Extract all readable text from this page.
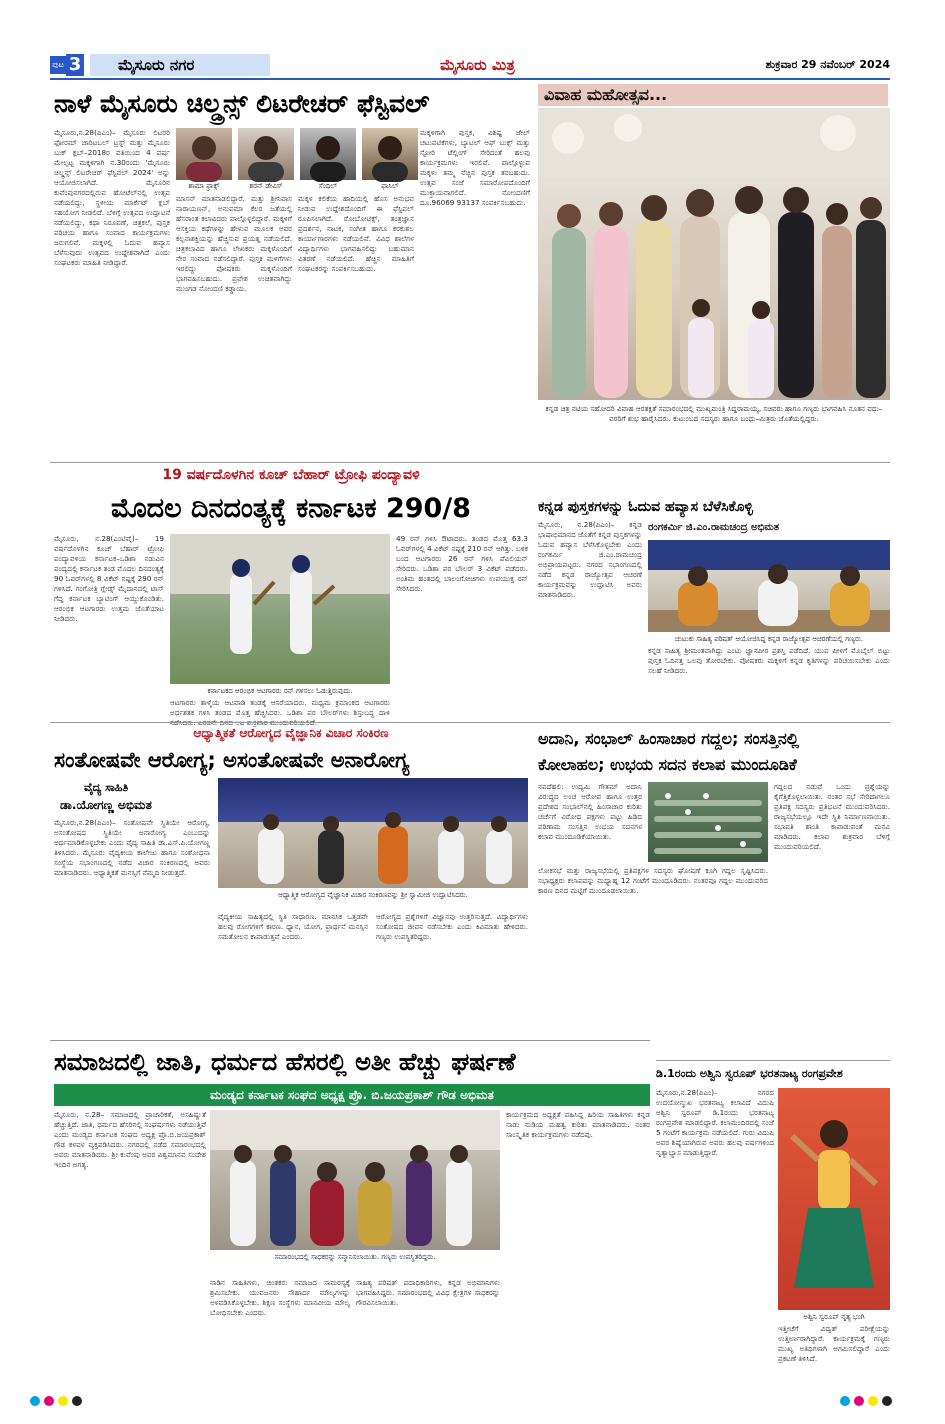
ಪುಟ 3	ಮೈಸೂರು ನಗರ	ಮೈಸೂರು ಮಿತ್ರ	ಶುಕ್ರವಾರ 29 ನವೆಂಬರ್ 2024
ನಾಳೆ ಮೈಸೂರು ಚಿಲ್ಡ್ರನ್ಸ್ ಲಿಟರೇಚರ್ ಫೆಸ್ಟಿವಲ್
ಮೈಸೂರು,ನ.28(ಪಿಎಂ)– ಮೈಸೂರು ಲಿಟರರಿ ಫೋರಮ್ ಚಾರಿಟಬಲ್ ಟ್ರಸ್ಟ್ ಮತ್ತು ಮೈಸೂರು ಬುಕ್ ಕ್ಲಬ್–2018ರ ವತಿಯಿಂದ 4 ವರ್ಷ ಮೇಲ್ಪಟ್ಟ ಮಕ್ಕಳಿಗಾಗಿ ನ.30ರಂದು 'ಮೈಸೂರು ಚಿಲ್ಡ್ರನ್ಸ್ ಲಿಟರೇಚರ್ ಫೆಸ್ಟಿವಲ್ 2024' ಅನ್ನು ಆಯೋಜಿಸಲಾಗಿದೆ. ಮೈಸೂರಿನ ಕುವೆಂಪುನಗರದಲ್ಲಿರುವ ಹೋಟೆಲ್‌ನಲ್ಲಿ ಉತ್ಸವ ನಡೆಯಲಿದ್ದು, ಸ್ಥಳೀಯ ಮಾರ್ಕೆಟ್ ಕ್ಲಬ್ ಸಹಯೋಗ ನೀಡಲಿದೆ. ಬೆಳಿಗ್ಗೆ ಉತ್ಸವದ ಉದ್ಘಾಟನೆ ನಡೆಯಲಿದ್ದು, ಕಥಾ ನಿರೂಪಣೆ, ಚಿತ್ರಕಲೆ, ಪುಸ್ತಕ ಪರಿಚಯ ಹಾಗೂ ಸಂವಾದ ಕಾರ್ಯಕ್ರಮಗಳು ಜರುಗಲಿವೆ. ಮಕ್ಕಳಲ್ಲಿ ಓದುವ ಹವ್ಯಾಸ ಬೆಳೆಸುವುದು ಉತ್ಸವದ ಉದ್ದೇಶವಾಗಿದೆ ಎಂದು ಸಂಘಟಕರು ಮಾಹಿತಿ ನೀಡಿದ್ದಾರೆ.
ಶಾಮಾ ಫ್ರಾಕ್ಸ್	ಶರನ್ ಡೇವಿಸ್	ಸೆಂಥಿಲ್	ಫಾಸಿಲ್
ಮಾಸನ್ ಮಾತನಾಡಲಿದ್ದಾರೆ. ಮತ್ತು ಶ್ರೀನಿವಾಸ ನಾರಾಯಣನ್, ಅನುಪಮಾ ಕೆಲರ ಜತೆಯಲ್ಲಿ ಹೆಸರಾಂತ ಕಲಾವಿದರು ಪಾಲ್ಗೊಳ್ಳಲಿದ್ದಾರೆ. ಮಕ್ಕಳಿಗೆ ಆಸಕ್ತಿಯ ಕಥೆಗಳನ್ನು ಹೇಳುವ ಮೂಲಕ ಅವರ ಕಲ್ಪನಾಶಕ್ತಿಯನ್ನು ಹೆಚ್ಚಿಸುವ ಪ್ರಯತ್ನ ನಡೆಯಲಿದೆ. ಚಿತ್ರಕಲಾವಿದ ಹಾಗೂ ಲೇಖಕರು ಮಕ್ಕಳೊಂದಿಗೆ ನೇರ ಸಂವಾದ ನಡೆಸಲಿದ್ದಾರೆ. ಪುಸ್ತಕ ಮಳಿಗೆಗಳು ಇರಲಿದ್ದು ಪೋಷಕರು ಮಕ್ಕಳೊಂದಿಗೆ ಭಾಗವಹಿಸಬಹುದು. ಪ್ರವೇಶ ಉಚಿತವಾಗಿದ್ದು ಮುಂಗಡ ನೋಂದಣಿ ಕಡ್ಡಾಯ.
ಮಕ್ಕಳ ಕಲಿಕೆಯ ಹಾದಿಯಲ್ಲಿ ಹೊಸ ಅನುಭವ ನೀಡುವ ಉದ್ದೇಶದೊಂದಿಗೆ ಈ ಫೆಸ್ಟಿವಲ್ ರೂಪಿಸಲಾಗಿದೆ. ರೋಬೋಟಿಕ್ಸ್, ತಂತ್ರಜ್ಞಾನ ಪ್ರದರ್ಶನ, ನಾಟಕ, ಸಂಗೀತ ಹಾಗೂ ಕರಕುಶಲ ಕಾರ್ಯಾಗಾರಗಳು ನಡೆಯಲಿವೆ. ವಿವಿಧ ಶಾಲೆಗಳ ವಿದ್ಯಾರ್ಥಿಗಳು ಭಾಗವಹಿಸಲಿದ್ದು ಬಹುಮಾನ ವಿತರಣೆ ನಡೆಯಲಿದೆ. ಹೆಚ್ಚಿನ ಮಾಹಿತಿಗೆ ಸಂಘಟಕರನ್ನು ಸಂಪರ್ಕಿಸಬಹುದು.
ಮಕ್ಕಳಿಗಾಗಿ ಪುಸ್ತಕ, ವಿಶಿಷ್ಟ ಜೇಲ್ ಚಟುವಟಿಕೆಗಳು, ಬ್ಯಾಟಲ್ ಆಫ್ ಬುಕ್ಸ್ ಮತ್ತು ಸ್ಟೋರಿ ಟೆಲ್ಲಿಂಗ್ ಸೇರಿದಂತೆ ಹಲವು ಕಾರ್ಯಕ್ರಮಗಳು ಇರಲಿವೆ. ಪಾಲ್ಗೊಳ್ಳುವ ಮಕ್ಕಳು ತಮ್ಮ ನೆಚ್ಚಿನ ಪುಸ್ತಕ ತರಬಹುದು. ಉತ್ಸವ ಸಂಜೆ ಸಮಾರೋಪದೊಂದಿಗೆ ಮುಕ್ತಾಯವಾಗಲಿದೆ. ನೋಂದಣಿಗೆ ದೂ.96069 93137 ಸಂಪರ್ಕಿಸಬಹುದು.
ವಿವಾಹ ಮಹೋತ್ಸವ...
ಕನ್ನಡ ಚಿತ್ರ ನಟಿಯ ಸಹೋದರಿ ವಿವಾಹ ಆರತಕ್ಷತೆ ಸಮಾರಂಭದಲ್ಲಿ ಮುಖ್ಯಮಂತ್ರಿ ಸಿದ್ದರಾಮಯ್ಯ, ಸಚಿವರು ಹಾಗೂ ಗಣ್ಯರು ಭಾಗವಹಿಸಿ ನೂತನ ವಧು–ವರರಿಗೆ ಶುಭ ಹಾರೈಸಿದರು. ಕುಟುಂಬದ ಸದಸ್ಯರು ಹಾಗೂ ಬಂಧು–ಮಿತ್ರರು ಜೊತೆಯಲ್ಲಿದ್ದರು.
19 ವರ್ಷದೊಳಗಿನ ಕೂಚ್ ಬೆಹಾರ್ ಟ್ರೋಫಿ ಪಂದ್ಯಾವಳಿ
ಮೊದಲ ದಿನದಂತ್ಯಕ್ಕೆ ಕರ್ನಾಟಕ 290/8
ಮೈಸೂರು, ನ.28(ಎಂಟಿವೈ)– 19 ವರ್ಷದೊಳಗಿನ ಕೂಚ್ ಬೆಹಾರ್ ಟ್ರೋಫಿ ಪಂದ್ಯಾವಳಿಯ ಕರ್ನಾಟಕ–ಒಡಿಶಾ ನಡುವಿನ ಪಂದ್ಯದಲ್ಲಿ ಕರ್ನಾಟಕ ತಂಡ ಮೊದಲ ದಿನದಂತ್ಯಕ್ಕೆ 90 ಓವರ್‌ಗಳಲ್ಲಿ 8 ವಿಕೆಟ್ ನಷ್ಟಕ್ಕೆ 290 ರನ್ ಗಳಿಸಿದೆ. ಗಂಗೋತ್ರಿ ಗ್ಲೇಡ್ಸ್ ಮೈದಾನದಲ್ಲಿ ಟಾಸ್ ಗೆದ್ದ ಕರ್ನಾಟಕ ಬ್ಯಾಟಿಂಗ್ ಆಯ್ದುಕೊಂಡಿತು. ಆರಂಭಿಕ ಆಟಗಾರರು ಉತ್ತಮ ಜೊತೆಯಾಟ ನೀಡಿದರು.
ಕರ್ನಾಟಕದ ಆರಂಭಿಕ ಆಟಗಾರರು ರನ್ ಗಳಿಸಲು ಓಡುತ್ತಿರುವುದು.
ಆಟಗಾರರು ತಾಳ್ಮೆಯ ಆಟವಾಡಿ ತಂಡಕ್ಕೆ ಆಸರೆಯಾದರು. ಮಧ್ಯಮ ಕ್ರಮಾಂಕದ ಆಟಗಾರರು ಅರ್ಧಶತಕ ಗಳಿಸಿ ತಂಡದ ಮೊತ್ತ ಹೆಚ್ಚಿಸಿದರು. ಒಡಿಶಾ ಪರ ಬೌಲರ್‌ಗಳು ಶಿಸ್ತುಬದ್ಧ ದಾಳಿ
49 ರನ್ ಗಳಿಸಿ ಔಟಾದರು. ತಂಡದ ಮೊತ್ತ 63.3 ಓವರ್‌ಗಳಲ್ಲಿ 4 ವಿಕೆಟ್ ನಷ್ಟಕ್ಕೆ 210 ರನ್ ಆಗಿತ್ತು. ಬಳಿಕ ಬಂದ ಆಟಗಾರರು 26 ರನ್ ಗಳಿಸಿ ಪೆವಿಲಿಯನ್ ಸೇರಿದರು. ಒಡಿಶಾ ಪರ ಬೌಲರ್ 3 ವಿಕೆಟ್ ಪಡೆದರು. ಅಂತಿಮ ಹಂತದಲ್ಲಿ ಬಾಲಂಗೋಚಿಗಳು ಉಪಯುಕ್ತ ರನ್ ಸೇರಿಸಿದರು.
ಕನ್ನಡ ಪುಸ್ತಕಗಳನ್ನು ಓದುವ ಹವ್ಯಾಸ ಬೆಳೆಸಿಕೊಳ್ಳಿ
ರಂಗಕರ್ಮಿ ಜಿ.ಎಂ.ರಾಮಚಂದ್ರ ಅಭಿಮತ
ಮೈಸೂರು, ನ.28(ಪಿಎಂ)– ಕನ್ನಡ ಭಾಷಾಭಿಮಾನದ ಜೊತೆಗೆ ಕನ್ನಡ ಪುಸ್ತಕಗಳನ್ನು ಓದುವ ಹವ್ಯಾಸ ಬೆಳೆಸಿಕೊಳ್ಳಬೇಕು ಎಂದು ರಂಗಕರ್ಮಿ ಜಿ.ಎಂ.ರಾಮಚಂದ್ರ ಅಭಿಪ್ರಾಯಪಟ್ಟರು. ನಗರದ ಸಭಾಂಗಣದಲ್ಲಿ ನಡೆದ ಕನ್ನಡ ರಾಜ್ಯೋತ್ಸವ ಆಚರಣೆ ಕಾರ್ಯಕ್ರಮವನ್ನು ಉದ್ಘಾಟಿಸಿ ಅವರು ಮಾತನಾಡಿದರು.
ಚುಟುಕು ಸಾಹಿತ್ಯ ಪರಿಷತ್ ಆಯೋಜಿಸಿದ್ದ ಕನ್ನಡ ರಾಜ್ಯೋತ್ಸವ ಆಚರಣೆಯಲ್ಲಿ ಗಣ್ಯರು.
ಕನ್ನಡ ಸಾಹಿತ್ಯ ಶ್ರೀಮಂತವಾಗಿದ್ದು ಎಂಟು ಜ್ಞಾನಪೀಠ ಪ್ರಶಸ್ತಿ ಪಡೆದಿದೆ. ಯುವ ಪೀಳಿಗೆ ಮೊಬೈಲ್ ಬಿಟ್ಟು ಪುಸ್ತಕ ಓದಿನತ್ತ ಒಲವು ತೋರಬೇಕು. ಪೋಷಕರು ಮಕ್ಕಳಿಗೆ ಕನ್ನಡ ಕೃತಿಗಳನ್ನು ಪರಿಚಯಿಸಬೇಕು ಎಂದು ಸಲಹೆ ನೀಡಿದರು.
ಆಧ್ಯಾತ್ಮಿಕತೆ ಆರೋಗ್ಯದ ವೈಜ್ಞಾನಿಕ ವಿಚಾರ ಸಂಕಿರಣ
ಸಂತೋಷವೇ ಆರೋಗ್ಯ; ಅಸಂತೋಷವೇ ಅನಾರೋಗ್ಯ
ವೈದ್ಯ ಸಾಹಿತಿ
ಡಾ.ಯೋಗಣ್ಣ ಅಭಿಮತ
ಮೈಸೂರು,ನ.28(ಪಿಎಂ)– ಸಂತೋಷವೇ ಸ್ಥಿತಿಯೇ ಆರೋಗ್ಯ, ಅಸಂತೋಷದ ಸ್ಥಿತಿಯೇ ಅನಾರೋಗ್ಯ ಎಂಬುದನ್ನು ಅರ್ಥಮಾಡಿಕೊಳ್ಳಬೇಕು ಎಂದು ವೈದ್ಯ ಸಾಹಿತಿ ಡಾ.ಎಸ್.ಪಿ.ಯೋಗಣ್ಣ ತಿಳಿಸಿದರು. ಮೈಸೂರು ವೈದ್ಯಕೀಯ ಕಾಲೇಜು ಹಾಗೂ ಸಂಶೋಧನಾ ಸಂಸ್ಥೆಯ ಸಭಾಂಗಣದಲ್ಲಿ ನಡೆದ ವಿಚಾರ ಸಂಕಿರಣದಲ್ಲಿ ಅವರು ಮಾತನಾಡಿದರು. ಆಧ್ಯಾತ್ಮಿಕತೆ ಮನಸ್ಸಿಗೆ ನೆಮ್ಮದಿ ನೀಡುತ್ತದೆ.
ಆಧ್ಯಾತ್ಮಿಕ ಆರೋಗ್ಯದ ವೈಜ್ಞಾನಿಕ ವಿಚಾರ ಸಂಕಿರಣವನ್ನು ಶ್ರೀ ಸ್ವಾಮೀಜಿ ಉದ್ಘಾಟಿಸಿದರು.
ವೈದ್ಯಕೀಯ ಸಾಹಿತ್ಯದಲ್ಲಿ ಸ್ಥಿತಿ ಸಾಧಾರಣ. ಮಾನಸಿಕ ಒತ್ತಡವೇ ಹಲವು ರೋಗಗಳಿಗೆ ಕಾರಣ. ಧ್ಯಾನ, ಯೋಗ, ಪ್ರಾರ್ಥನೆ ಮನಸ್ಸಿನ ಸಮತೋಲನ ಕಾಪಾಡುತ್ತವೆ ಎಂದರು.
ಆರೋಗ್ಯದ ಪ್ರಶ್ನೆಗಳಿಗೆ ವಿಜ್ಞಾನವು ಉತ್ತರಿಸುತ್ತದೆ. ವಿದ್ಯಾರ್ಥಿಗಳು ಸಂತೋಷದ ಜೀವನ ನಡೆಸಬೇಕು ಎಂದು ಕಿವಿಮಾತು ಹೇಳಿದರು. ಗಣ್ಯರು ಉಪಸ್ಥಿತರಿದ್ದರು.
ಅದಾನಿ, ಸಂಭಾಲ್ ಹಿಂಸಾಚಾರ ಗದ್ದಲ; ಸಂಸತ್ತಿನಲ್ಲಿ
ಕೋಲಾಹಲ; ಉಭಯ ಸದನ ಕಲಾಪ ಮುಂದೂಡಿಕೆ
ನವದೆಹಲಿ: ಉದ್ಯಮಿ ಗೌತಮ್ ಅದಾನಿ ವಿರುದ್ಧದ ಲಂಚ ಆರೋಪ ಹಾಗೂ ಉತ್ತರ ಪ್ರದೇಶದ ಸಂಭಾಲ್‌ನಲ್ಲಿ ಹಿಂಸಾಚಾರ ಕುರಿತು ಚರ್ಚೆಗೆ ವಿರೋಧ ಪಕ್ಷಗಳು ಪಟ್ಟು ಹಿಡಿದ ಪರಿಣಾಮ ಸಂಸತ್ತಿನ ಉಭಯ ಸದನಗಳ ಕಲಾಪ ಮುಂದೂಡಿಕೆಯಾಯಿತು.
ಲೋಕಸಭೆ ಮತ್ತು ರಾಜ್ಯಸಭೆಯಲ್ಲಿ ಪ್ರತಿಪಕ್ಷಗಳ ಸದಸ್ಯರು ಘೋಷಣೆ ಕೂಗಿ ಗದ್ದಲ ಸೃಷ್ಟಿಸಿದರು. ಸಭಾಧ್ಯಕ್ಷರು ಕಲಾಪವನ್ನು ಮಧ್ಯಾಹ್ನ 12 ಗಂಟೆಗೆ ಮುಂದೂಡಿದರು. ನಂತರವೂ ಗದ್ದಲ ಮುಂದುವರಿದ ಕಾರಣ ದಿನದ ಮಟ್ಟಿಗೆ ಮುಂದೂಡಲಾಯಿತು.
ಗದ್ದಲದ ನಡುವೆ ಒಂದು ಪ್ರಶ್ನೆಯನ್ನು ಕೈಗೆತ್ತಿಕೊಳ್ಳಲಾಯಿತು. ನಂತರ ಸಭೆ ಸೇರಿದಾಗಲೂ ಪ್ರತಿಪಕ್ಷ ಸದಸ್ಯರು ಪ್ರತಿಭಟನೆ ಮುಂದುವರಿಸಿದರು. ರಾಜ್ಯಸಭೆಯಲ್ಲೂ ಇದೇ ಸ್ಥಿತಿ ನಿರ್ಮಾಣವಾಯಿತು. ಸಭಾಪತಿ ಶಾಂತಿ ಕಾಪಾಡುವಂತೆ ಮನವಿ ಮಾಡಿದರು. ಕಲಾಪ ಶುಕ್ರವಾರ ಬೆಳಿಗ್ಗೆ ಮುಂದುವರಿಯಲಿದೆ.
ಸಮಾಜದಲ್ಲಿ ಜಾತಿ, ಧರ್ಮದ ಹೆಸರಲ್ಲಿ ಅತೀ ಹೆಚ್ಚು ಘರ್ಷಣೆ
ಮಂಡ್ಯದ ಕರ್ನಾಟಕ ಸಂಘದ ಅಧ್ಯಕ್ಷ ಪ್ರೊ. ಬಿ.ಜಯಪ್ರಕಾಶ್ ಗೌಡ ಅಭಿಮತ
ಮೈಸೂರು, ನ.28– ಸಮಾಜದಲ್ಲಿ ಪ್ರಾಚಾರಿಕತೆ, ಅಸಹಿಷ್ಣುತೆ ಹೆಚ್ಚುತ್ತಿದೆ. ಜಾತಿ, ಧರ್ಮದ ಹೆಸರಿನಲ್ಲಿ ಸಂಘರ್ಷಗಳು ನಡೆಯುತ್ತಿವೆ ಎಂದು ಮಂಡ್ಯದ ಕರ್ನಾಟಕ ಸಂಘದ ಅಧ್ಯಕ್ಷ ಪ್ರೊ.ಬಿ.ಜಯಪ್ರಕಾಶ್ ಗೌಡ ಕಳವಳ ವ್ಯಕ್ತಪಡಿಸಿದರು. ನಗರದಲ್ಲಿ ನಡೆದ ಸಮಾರಂಭದಲ್ಲಿ ಅವರು ಮಾತನಾಡಿದರು. ಶ್ರೀ ಕುವೆಂಪು ಅವರ ವಿಶ್ವಮಾನವ ಸಂದೇಶ ಇಂದಿನ ಅಗತ್ಯ.
ಸಮಾರಂಭದಲ್ಲಿ ಸಾಧಕರನ್ನು ಸನ್ಮಾನಿಸಲಾಯಿತು. ಗಣ್ಯರು ಉಪಸ್ಥಿತರಿದ್ದರು.
ನಾಡಿನ ಸಾಹಿತಿಗಳು, ಚಿಂತಕರು ಸಮಾಜದ ಸಾಮರಸ್ಯಕ್ಕೆ ಶ್ರಮಿಸಬೇಕು. ಯುವಜನರು ಸೌಹಾರ್ದ ಮೌಲ್ಯಗಳನ್ನು ಅಳವಡಿಸಿಕೊಳ್ಳಬೇಕು. ಶಿಕ್ಷಣ ಸಂಸ್ಥೆಗಳು ಮಾನವೀಯ ಮೌಲ್ಯ ಬೋಧಿಸಬೇಕು ಎಂದರು.
ಸಾಹಿತ್ಯ ಪರಿಷತ್ ಪದಾಧಿಕಾರಿಗಳು, ಕನ್ನಡ ಅಭಿಮಾನಿಗಳು ಭಾಗವಹಿಸಿದ್ದರು. ಸಮಾರಂಭದಲ್ಲಿ ವಿವಿಧ ಕ್ಷೇತ್ರಗಳ ಸಾಧಕರನ್ನು ಗೌರವಿಸಲಾಯಿತು.
ಕಾರ್ಯಕ್ರಮದ ಅಧ್ಯಕ್ಷತೆ ವಹಿಸಿದ್ದ ಹಿರಿಯ ಸಾಹಿತಿಗಳು ಕನ್ನಡ ನಾಡು ನುಡಿಯ ಮಹತ್ವ ಕುರಿತು ಮಾತನಾಡಿದರು. ನಂತರ ಸಾಂಸ್ಕೃತಿಕ ಕಾರ್ಯಕ್ರಮಗಳು ನಡೆದವು.
ಡಿ.1ರಂದು ಅಶ್ವಿನಿ ಸ್ವರೂಪ್ ಭರತನಾಟ್ಯ ರಂಗಪ್ರವೇಶ
ಮೈಸೂರು,ನ.28(ಪಿಎಂ)– ನಗರದ ಉದಯೋನ್ಮುಖ ಭರತನಾಟ್ಯ ಕಲಾವಿದೆ ವಿದುಷಿ ಅಶ್ವಿನಿ ಸ್ವರೂಪ್ ಡಿ.1ರಂದು ಭರತನಾಟ್ಯ ರಂಗಪ್ರವೇಶ ಮಾಡಲಿದ್ದಾರೆ. ಕಲಾಮಂದಿರದಲ್ಲಿ ಸಂಜೆ 5 ಗಂಟೆಗೆ ಕಾರ್ಯಕ್ರಮ ನಡೆಯಲಿದೆ. ಗುರು ವಿದುಷಿ ಅವರ ಶಿಷ್ಯೆಯಾಗಿರುವ ಅವರು ಹಲವು ವರ್ಷಗಳಿಂದ ನೃತ್ಯಾಭ್ಯಾಸ ಮಾಡುತ್ತಿದ್ದಾರೆ.
ಅಶ್ವಿನಿ ಸ್ವರೂಪ್ ನೃತ್ಯ ಭಂಗಿ
ಇತ್ತೀಚೆಗೆ ವಿದ್ವತ್ ಪರೀಕ್ಷೆಯನ್ನು ಉತ್ತೀರ್ಣರಾಗಿದ್ದಾರೆ. ಕಾರ್ಯಕ್ರಮಕ್ಕೆ ಗಣ್ಯರು ಮುಖ್ಯ ಅತಿಥಿಗಳಾಗಿ ಆಗಮಿಸಲಿದ್ದಾರೆ ಎಂದು ಪ್ರಕಟಣೆ ತಿಳಿಸಿದೆ.
